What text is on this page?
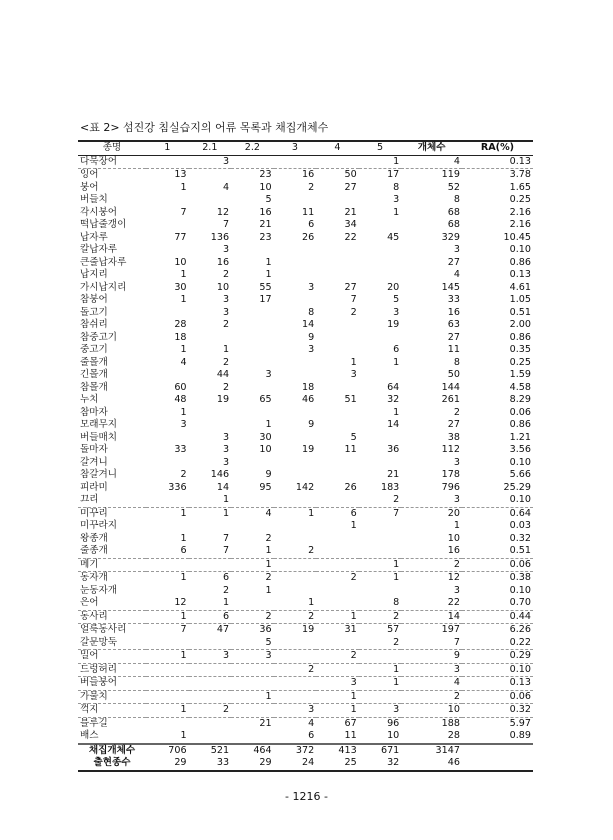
<표 2> 섬진강 침실습지의 어류 목록과 채집개체수
종명	1	2.1	2.2	3	4	5	개체수	RA(%)
다묵장어		3				1	4	0.13
잉어	13		23	16	50	17	119	3.78
붕어	1	4	10	2	27	8	52	1.65
버들치			5			3	8	0.25
각시붕어	7	12	16	11	21	1	68	2.16
떡납줄갱이		7	21	6	34		68	2.16
납자루	77	136	23	26	22	45	329	10.45
칼납자루		3					3	0.10
큰줄납자루	10	16	1				27	0.86
납지리	1	2	1				4	0.13
가시납지리	30	10	55	3	27	20	145	4.61
참붕어	1	3	17		7	5	33	1.05
돌고기		3		8	2	3	16	0.51
참쉬리	28	2		14		19	63	2.00
참중고기	18			9			27	0.86
중고기	1	1		3		6	11	0.35
줄몰개	4	2			1	1	8	0.25
긴몰개		44	3		3		50	1.59
참몰개	60	2		18		64	144	4.58
누치	48	19	65	46	51	32	261	8.29
참마자	1					1	2	0.06
모래무지	3		1	9		14	27	0.86
버들매치		3	30		5		38	1.21
돌마자	33	3	10	19	11	36	112	3.56
갈겨니		3					3	0.10
참갈겨니	2	146	9			21	178	5.66
피라미	336	14	95	142	26	183	796	25.29
끄리		1				2	3	0.10
미꾸리	1	1	4	1	6	7	20	0.64
미꾸라지					1		1	0.03
왕종개	1	7	2				10	0.32
줄종개	6	7	1	2			16	0.51
메기			1			1	2	0.06
동자개	1	6	2		2	1	12	0.38
눈동자개		2	1				3	0.10
은어	12	1		1		8	22	0.70
동사리	1	6	2	2	1	2	14	0.44
얼룩동사리	7	47	36	19	31	57	197	6.26
갈문망둑			5			2	7	0.22
밀어	1	3	3		2		9	0.29
드렁허리				2		1	3	0.10
버들붕어					3	1	4	0.13
가물치			1		1		2	0.06
꺽지	1	2		3	1	3	10	0.32
블루길			21	4	67	96	188	5.97
배스	1			6	11	10	28	0.89
채집개체수	706	521	464	372	413	671	3147	
출현종수	29	33	29	24	25	32	46	
- 1216 -
